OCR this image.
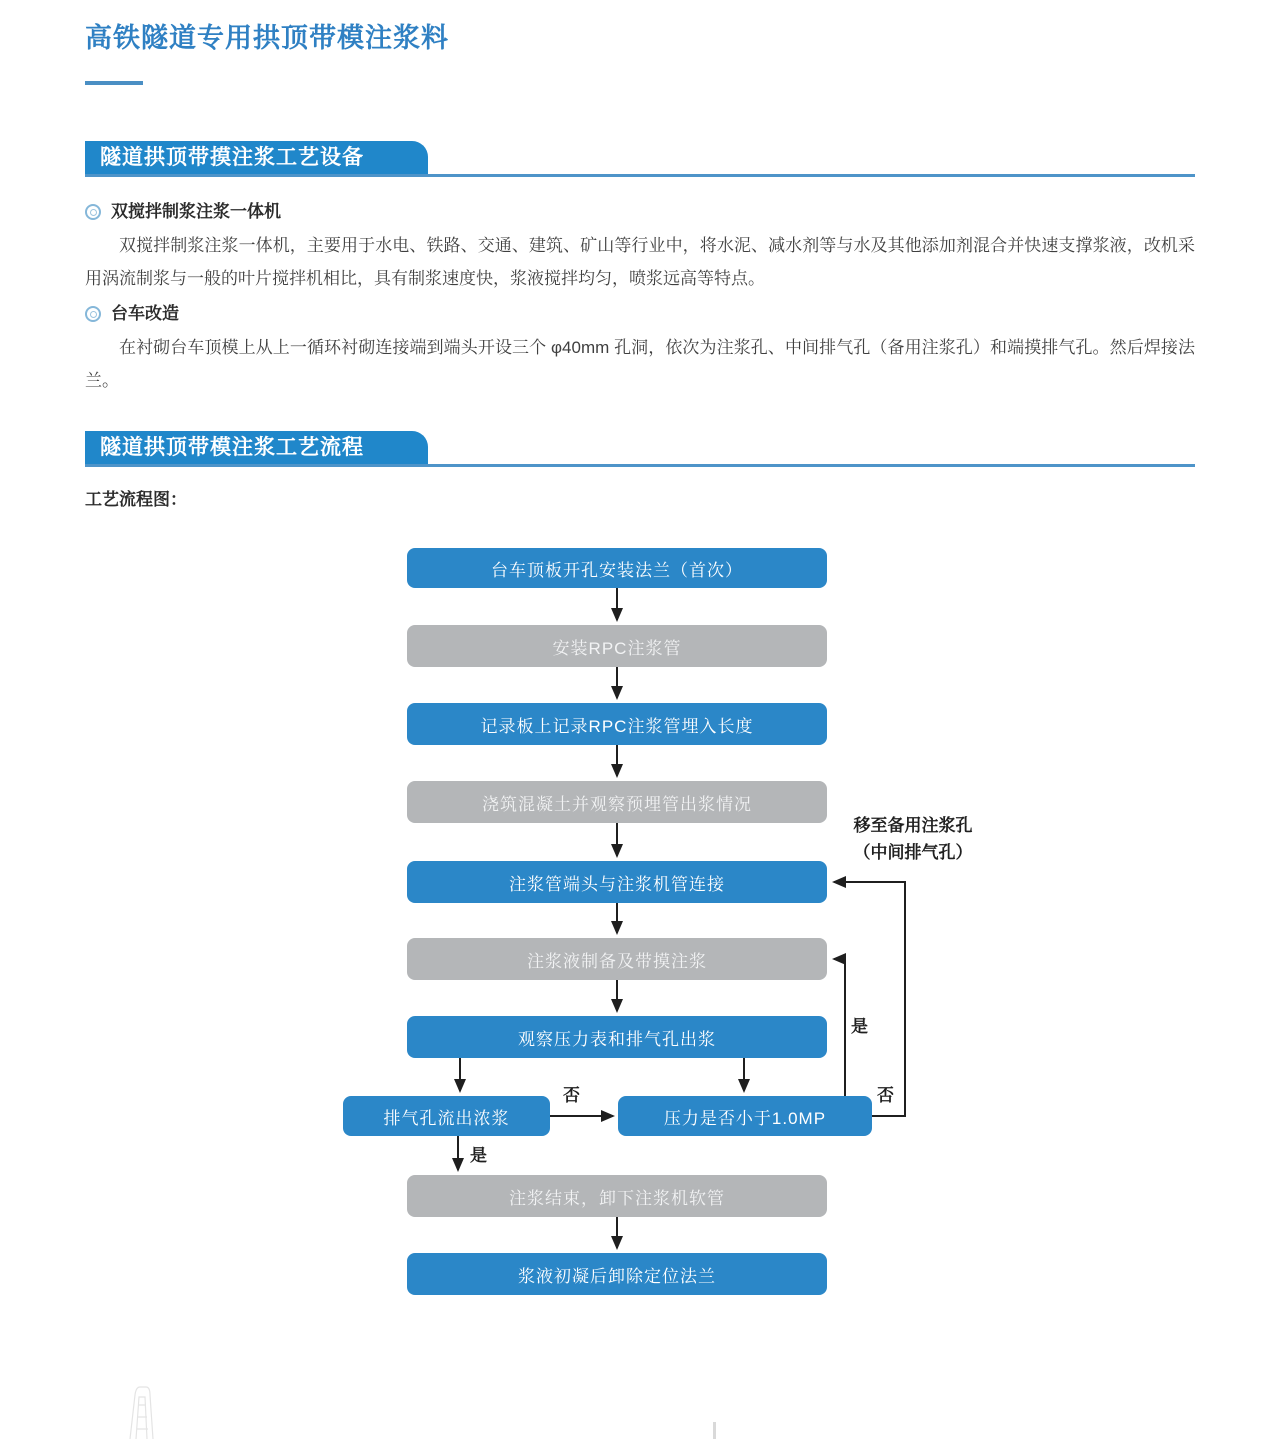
高铁隧道专用拱顶带模注浆料
隧道拱顶带摸注浆工艺设备
双搅拌制浆注浆一体机

双搅拌制浆注浆一体机，主要用于水电、铁路、交通、建筑、矿山等行业中，将水泥、减水剂等与水及其他添加剂混合并快速支撑浆液，改机采用涡流制浆与一般的叶片搅拌机相比，具有制浆速度快，浆液搅拌均匀，喷浆远高等特点。

台车改造

在衬砌台车顶模上从上一循环衬砌连接端到端头开设三个 φ40mm 孔洞，依次为注浆孔、中间排气孔（备用注浆孔）和端摸排气孔。然后焊接法兰。

隧道拱顶带模注浆工艺流程
工艺流程图：
台车顶板开孔安装法兰（首次）
安装RPC注浆管
记录板上记录RPC注浆管埋入长度
浇筑混凝土并观察预埋管出浆情况
注浆管端头与注浆机管连接
注浆液制备及带摸注浆
观察压力表和排气孔出浆
排气孔流出浓浆	压力是否小于1.0MP
注浆结束，卸下注浆机软管
浆液初凝后卸除定位法兰
否
是
是
否
移至备用注浆孔
（中间排气孔）
